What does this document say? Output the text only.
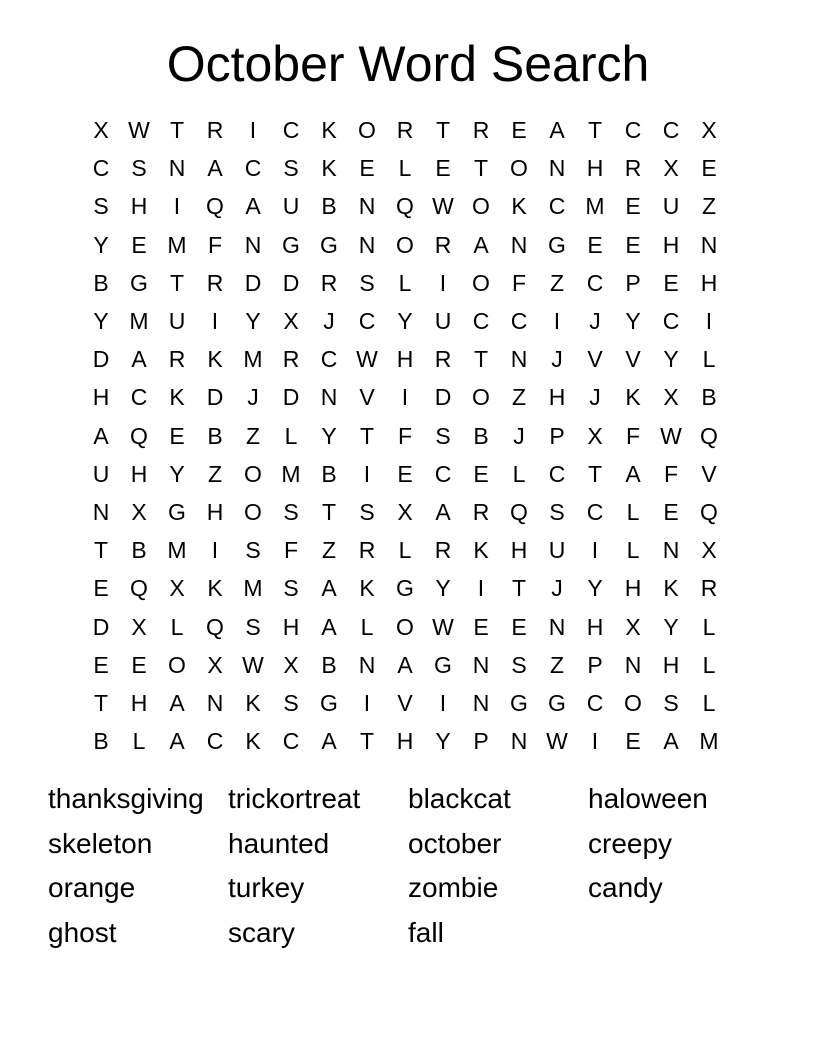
October Word Search
X W T R	I	C K O R T R E A	T C C X
C S N A C S K E	L	E	T O N H R X E
S H	I	Q A U B N Q W O K C M E U Z
Y E M F N G G N O R A N G E E H N
B G T R D D R S	L	I	O F	Z C P E H
Y M U	I	Y X	J	C Y U C C	I	J	Y C	I
D A R K M R C W H R T N	J	V V Y	L
H C K D	J	D N V	I	D O Z H	J	K X B
A Q E B	Z	L	Y	T	F	S B	J	P X	F W Q
U H Y	Z O M B	I	E C E	L	C T	A	F	V
N X G H O S	T	S X A R Q S C	L	E Q
T	B M	I	S	F	Z R	L	R K H U	I	L	N X
E Q X K M S A K G Y	I	T	J	Y H K R
D X	L Q S H A	L O W E E N H X Y	L
E E O X W X B N A G N S	Z	P N H	L
T H A N K S G	I	V	I	N G G C O S	L
B	L	A C K C A	T H Y P N W	I	E A M
thanksgiving trickortreat	blackcat	haloween
skeleton	haunted	october	creepy
orange	turkey	zombie	candy
ghost	scary	fall
